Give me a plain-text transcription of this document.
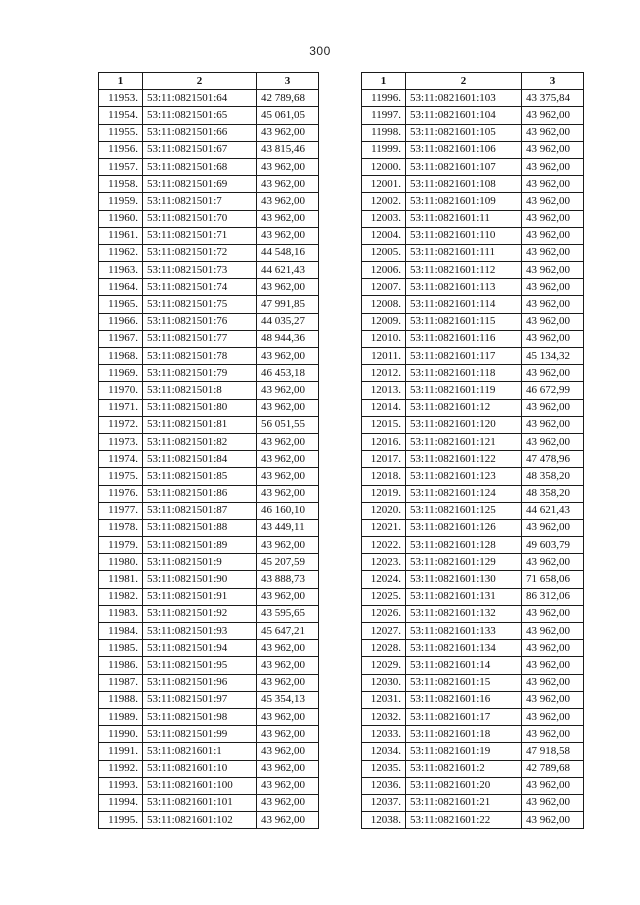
300
1	2	3
11953.	53:11:0821501:64	42 789,68
11954.	53:11:0821501:65	45 061,05
11955.	53:11:0821501:66	43 962,00
11956.	53:11:0821501:67	43 815,46
11957.	53:11:0821501:68	43 962,00
11958.	53:11:0821501:69	43 962,00
11959.	53:11:0821501:7	43 962,00
11960.	53:11:0821501:70	43 962,00
11961.	53:11:0821501:71	43 962,00
11962.	53:11:0821501:72	44 548,16
11963.	53:11:0821501:73	44 621,43
11964.	53:11:0821501:74	43 962,00
11965.	53:11:0821501:75	47 991,85
11966.	53:11:0821501:76	44 035,27
11967.	53:11:0821501:77	48 944,36
11968.	53:11:0821501:78	43 962,00
11969.	53:11:0821501:79	46 453,18
11970.	53:11:0821501:8	43 962,00
11971.	53:11:0821501:80	43 962,00
11972.	53:11:0821501:81	56 051,55
11973.	53:11:0821501:82	43 962,00
11974.	53:11:0821501:84	43 962,00
11975.	53:11:0821501:85	43 962,00
11976.	53:11:0821501:86	43 962,00
11977.	53:11:0821501:87	46 160,10
11978.	53:11:0821501:88	43 449,11
11979.	53:11:0821501:89	43 962,00
11980.	53:11:0821501:9	45 207,59
11981.	53:11:0821501:90	43 888,73
11982.	53:11:0821501:91	43 962,00
11983.	53:11:0821501:92	43 595,65
11984.	53:11:0821501:93	45 647,21
11985.	53:11:0821501:94	43 962,00
11986.	53:11:0821501:95	43 962,00
11987.	53:11:0821501:96	43 962,00
11988.	53:11:0821501:97	45 354,13
11989.	53:11:0821501:98	43 962,00
11990.	53:11:0821501:99	43 962,00
11991.	53:11:0821601:1	43 962,00
11992.	53:11:0821601:10	43 962,00
11993.	53:11:0821601:100	43 962,00
11994.	53:11:0821601:101	43 962,00
11995.	53:11:0821601:102	43 962,00
1	2	3
11996.	53:11:0821601:103	43 375,84
11997.	53:11:0821601:104	43 962,00
11998.	53:11:0821601:105	43 962,00
11999.	53:11:0821601:106	43 962,00
12000.	53:11:0821601:107	43 962,00
12001.	53:11:0821601:108	43 962,00
12002.	53:11:0821601:109	43 962,00
12003.	53:11:0821601:11	43 962,00
12004.	53:11:0821601:110	43 962,00
12005.	53:11:0821601:111	43 962,00
12006.	53:11:0821601:112	43 962,00
12007.	53:11:0821601:113	43 962,00
12008.	53:11:0821601:114	43 962,00
12009.	53:11:0821601:115	43 962,00
12010.	53:11:0821601:116	43 962,00
12011.	53:11:0821601:117	45 134,32
12012.	53:11:0821601:118	43 962,00
12013.	53:11:0821601:119	46 672,99
12014.	53:11:0821601:12	43 962,00
12015.	53:11:0821601:120	43 962,00
12016.	53:11:0821601:121	43 962,00
12017.	53:11:0821601:122	47 478,96
12018.	53:11:0821601:123	48 358,20
12019.	53:11:0821601:124	48 358,20
12020.	53:11:0821601:125	44 621,43
12021.	53:11:0821601:126	43 962,00
12022.	53:11:0821601:128	49 603,79
12023.	53:11:0821601:129	43 962,00
12024.	53:11:0821601:130	71 658,06
12025.	53:11:0821601:131	86 312,06
12026.	53:11:0821601:132	43 962,00
12027.	53:11:0821601:133	43 962,00
12028.	53:11:0821601:134	43 962,00
12029.	53:11:0821601:14	43 962,00
12030.	53:11:0821601:15	43 962,00
12031.	53:11:0821601:16	43 962,00
12032.	53:11:0821601:17	43 962,00
12033.	53:11:0821601:18	43 962,00
12034.	53:11:0821601:19	47 918,58
12035.	53:11:0821601:2	42 789,68
12036.	53:11:0821601:20	43 962,00
12037.	53:11:0821601:21	43 962,00
12038.	53:11:0821601:22	43 962,00
